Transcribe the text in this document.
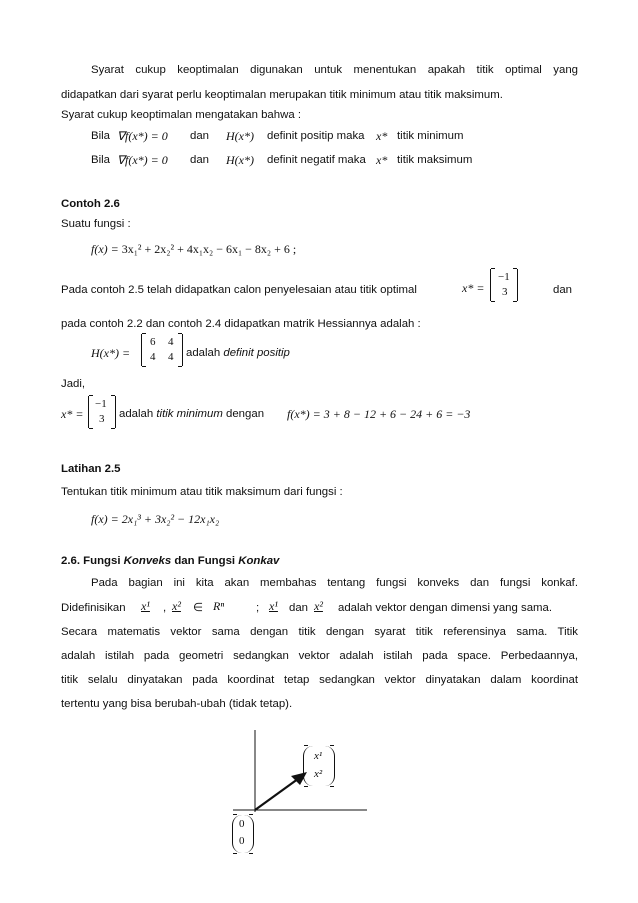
Syarat cukup keoptimalan digunakan untuk menentukan apakah titik optimal yang

didapatkan dari syarat perlu keoptimalan merupakan titik minimum atau titik maksimum.

Syarat cukup keoptimalan mengatakan bahwa :

Bila ∇f(x*) = 0 dan H(x*) definit positip maka x* titik minimum
Bila ∇f(x*) = 0 dan H(x*) definit negatif maka x* titik maksimum

Contoh 2.6

Suatu fungsi :

f(x) = 3x₁² + 2x₂² + 4x₁x₂ − 6x₁ − 8x₂ + 6 ;

Pada contoh 2.5 telah didapatkan calon penyelesaian atau titik optimal	x* =
−1
3	dan

pada contoh 2.2 dan contoh 2.4 didapatkan matrik Hessiannya adalah :

H(x*) =
6 4
4 4 adalah definit positip

Jadi,

x* =
−1
3 adalah titik minimum dengan f(x*) = 3 + 8 − 12 + 6 − 24 + 6 = −3

Latihan 2.5

Tentukan titik minimum atau titik maksimum dari fungsi :

f(x) = 2x₁³ + 3x₂² − 12x₁x₂

2.6. Fungsi Konveks dan Fungsi Konkav

Pada bagian ini kita akan membahas tentang fungsi konveks dan fungsi konkaf.

Didefinisikan x¹ , x² ∈ Rⁿ	; x¹ dan x² adalah vektor dengan dimensi yang sama.

Secara matematis vektor sama dengan titik dengan syarat titik referensinya sama. Titik

adalah istilah pada geometri sedangkan vektor adalah istilah pada space. Perbedaannya,

titik selalu dinyatakan pada koordinat tetap sedangkan vektor dinyatakan dalam koordinat

tertentu yang bisa berubah-ubah (tidak tetap).

x¹
x²
0
0
